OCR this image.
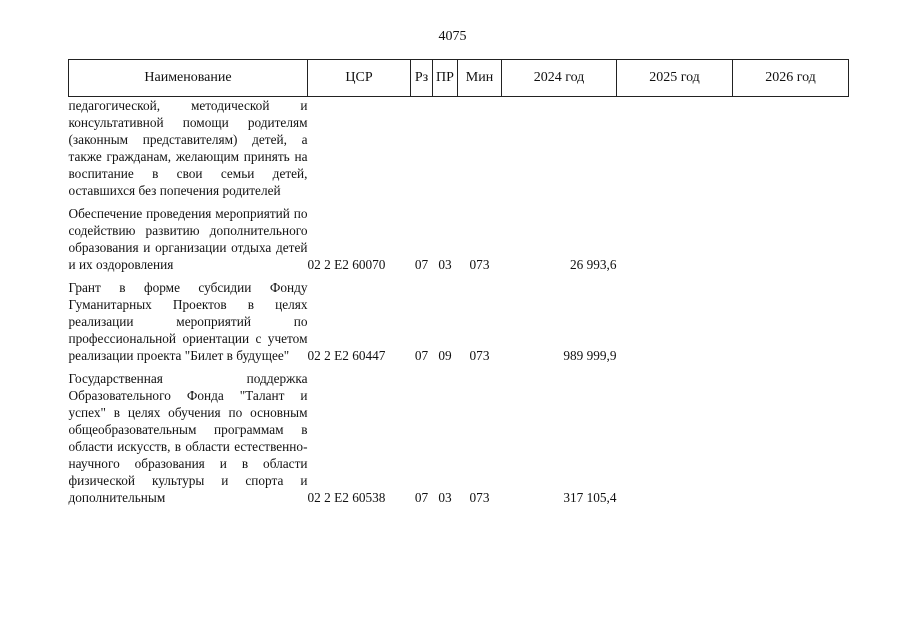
4075
Наименование	ЦСР	Рз	ПР	Мин	2024 год	2025 год	2026 год
педагогической, методической и консультативной помощи родителям (законным представителям) детей, а также гражданам, желающим принять на воспитание в свои семьи детей, оставшихся без попечения родителей							

Обеспечение проведения мероприятий по содействию развитию дополнительного образования и организации отдыха детей и их оздоровления	02 2 E2 60070	07	03	073	26 993,6		

Грант в форме субсидии Фонду Гуманитарных Проектов в целях реализации мероприятий по профессиональной ориентации с учетом реализации проекта "Билет в будущее"	02 2 E2 60447	07	09	073	989 999,9		

Государственная поддержка Образовательного Фонда "Талант и успех" в целях обучения по основным общеобразовательным программам в области искусств, в области естественно-научного образования и в области физической культуры и спорта и дополнительным	02 2 E2 60538	07	03	073	317 105,4		
